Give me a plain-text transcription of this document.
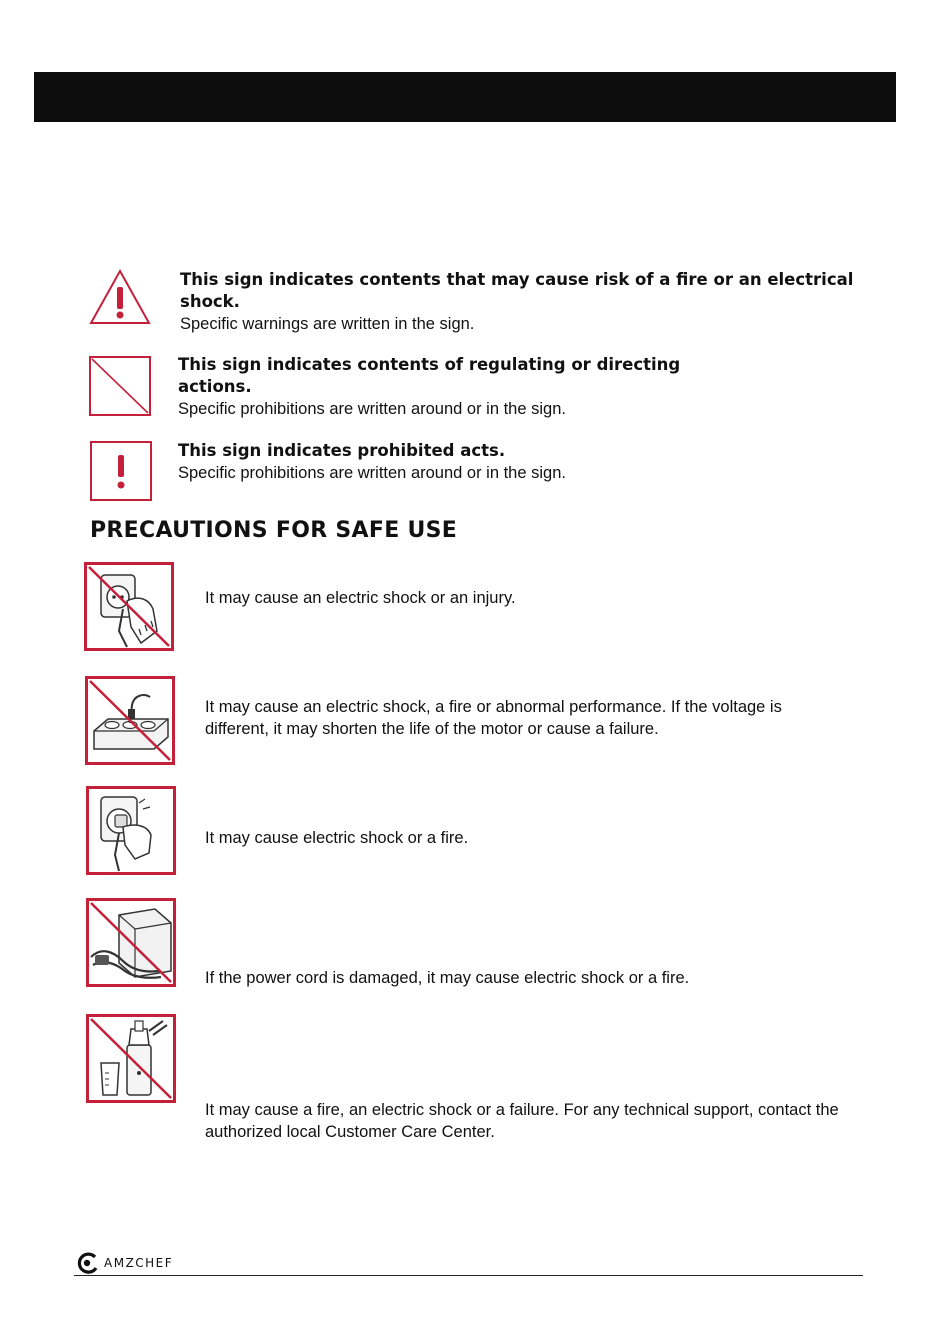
This sign indicates contents that may cause risk of a fire or an electrical shock.
Specific warnings are written in the sign.
This sign indicates contents of regulating or directing actions.
Specific prohibitions are written around or in the sign.
This sign indicates prohibited acts.
Specific prohibitions are written around or in the sign.
PRECAUTIONS FOR SAFE USE
It may cause an electric shock or an injury.
It may cause an electric shock, a fire or abnormal performance. If the voltage is different, it may shorten the life of the motor or cause a failure.
It may cause electric shock or a fire.
If the power cord is damaged, it may cause electric shock or a fire.
It may cause a fire, an electric shock or a failure. For any technical support, contact the authorized local Customer Care Center.
AMZCHEF
